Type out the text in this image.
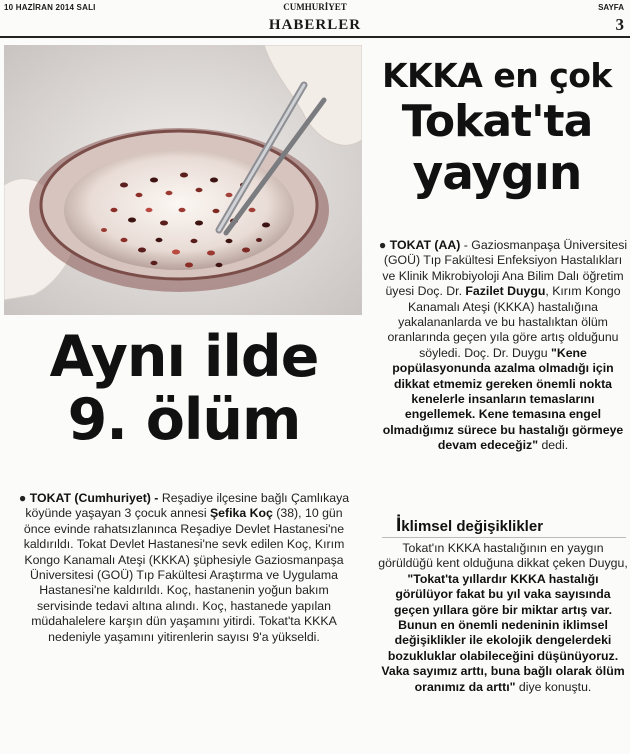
10 HAZİRAN 2014 SALI	CUMHURİYET	SAYFA
HABERLER	3
Aynı ilde
9. ölüm
● TOKAT (Cumhuriyet) - Reşadiye ilçesine bağlı Çamlıkaya köyünde yaşayan 3 çocuk annesi Şefika Koç (38), 10 gün önce evinde rahatsızlanınca Reşadiye Devlet Hastanesi'ne kaldırıldı. Tokat Devlet Hastanesi'ne sevk edilen Koç, Kırım Kongo Kanamalı Ateşi (KKKA) şüphesiyle Gaziosmanpaşa Üniversitesi (GOÜ) Tıp Fakültesi Araştırma ve Uygulama Hastanesi'ne kaldırıldı. Koç, hastanenin yoğun bakım servisinde tedavi altına alındı. Koç, hastanede yapılan müdahalelere karşın dün yaşamını yitirdi. Tokat'ta KKKA nedeniyle yaşamını yitirenlerin sayısı 9'a yükseldi.
KKKA en çok
Tokat'ta
yaygın
● TOKAT (AA) - Gaziosmanpaşa Üniversitesi (GOÜ) Tıp Fakültesi Enfeksiyon Hastalıkları ve Klinik Mikrobiyoloji Ana Bilim Dalı öğretim üyesi Doç. Dr. Fazilet Duygu, Kırım Kongo Kanamalı Ateşi (KKKA) hastalığına yakalananlarda ve bu hastalıktan ölüm oranlarında geçen yıla göre artış olduğunu söyledi. Doç. Dr. Duygu "Kene popülasyonunda azalma olmadığı için dikkat etmemiz gereken önemli nokta kenelerle insanların temaslarını engellemek. Kene temasına engel olmadığımız sürece bu hastalığı görmeye devam edeceğiz" dedi.
İklimsel değişiklikler
Tokat'ın KKKA hastalığının en yaygın görüldüğü kent olduğuna dikkat çeken Duygu, "Tokat'ta yıllardır KKKA hastalığı görülüyor fakat bu yıl vaka sayısında geçen yıllara göre bir miktar artış var. Bunun en önemli nedeninin iklimsel değişiklikler ile ekolojik dengelerdeki bozukluklar olabileceğini düşünüyoruz. Vaka sayımız arttı, buna bağlı olarak ölüm oranımız da arttı" diye konuştu.
